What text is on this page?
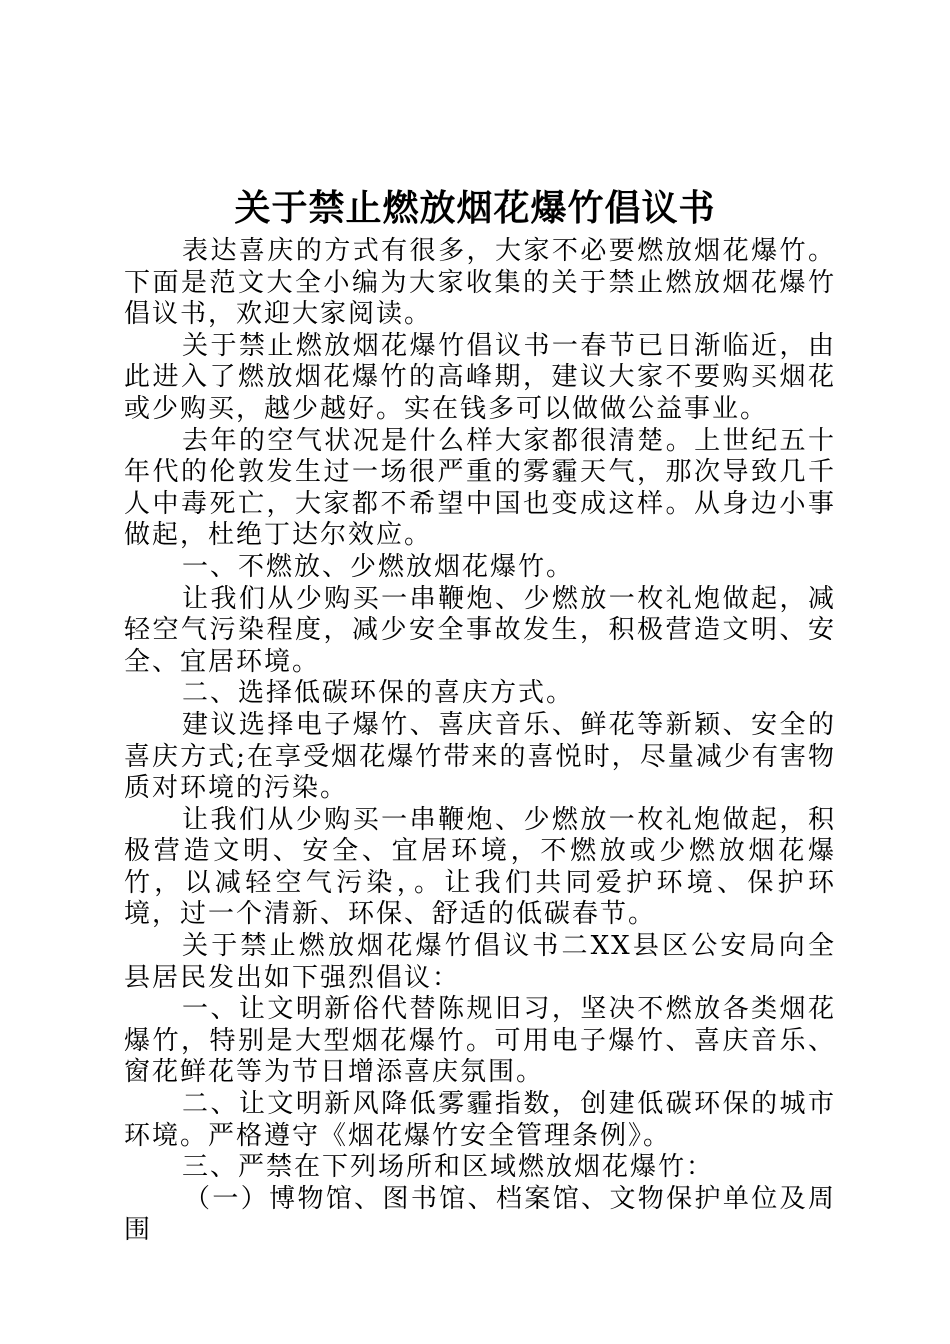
关于禁止燃放烟花爆竹倡议书

表达喜庆的方式有很多，大家不必要燃放烟花爆竹。下面是范文大全小编为大家收集的关于禁止燃放烟花爆竹倡议书，欢迎大家阅读。

关于禁止燃放烟花爆竹倡议书一春节已日渐临近，由此进入了燃放烟花爆竹的高峰期，建议大家不要购买烟花或少购买，越少越好。实在钱多可以做做公益事业。

去年的空气状况是什么样大家都很清楚。上世纪五十年代的伦敦发生过一场很严重的雾霾天气，那次导致几千人中毒死亡，大家都不希望中国也变成这样。从身边小事做起，杜绝丁达尔效应。

一、不燃放、少燃放烟花爆竹。

让我们从少购买一串鞭炮、少燃放一枚礼炮做起，减轻空气污染程度，减少安全事故发生，积极营造文明、安全、宜居环境。

二、选择低碳环保的喜庆方式。

建议选择电子爆竹、喜庆音乐、鲜花等新颖、安全的喜庆方式;在享受烟花爆竹带来的喜悦时，尽量减少有害物质对环境的污染。

让我们从少购买一串鞭炮、少燃放一枚礼炮做起，积极营造文明、安全、宜居环境，不燃放或少燃放烟花爆竹，以减轻空气污染，。让我们共同爱护环境、保护环境，过一个清新、环保、舒适的低碳春节。

关于禁止燃放烟花爆竹倡议书二XX县区公安局向全县居民发出如下强烈倡议：

一、让文明新俗代替陈规旧习，坚决不燃放各类烟花爆竹，特别是大型烟花爆竹。可用电子爆竹、喜庆音乐、窗花鲜花等为节日增添喜庆氛围。

二、让文明新风降低雾霾指数，创建低碳环保的城市环境。严格遵守《烟花爆竹安全管理条例》。

三、严禁在下列场所和区域燃放烟花爆竹：

（一）博物馆、图书馆、档案馆、文物保护单位及周围
